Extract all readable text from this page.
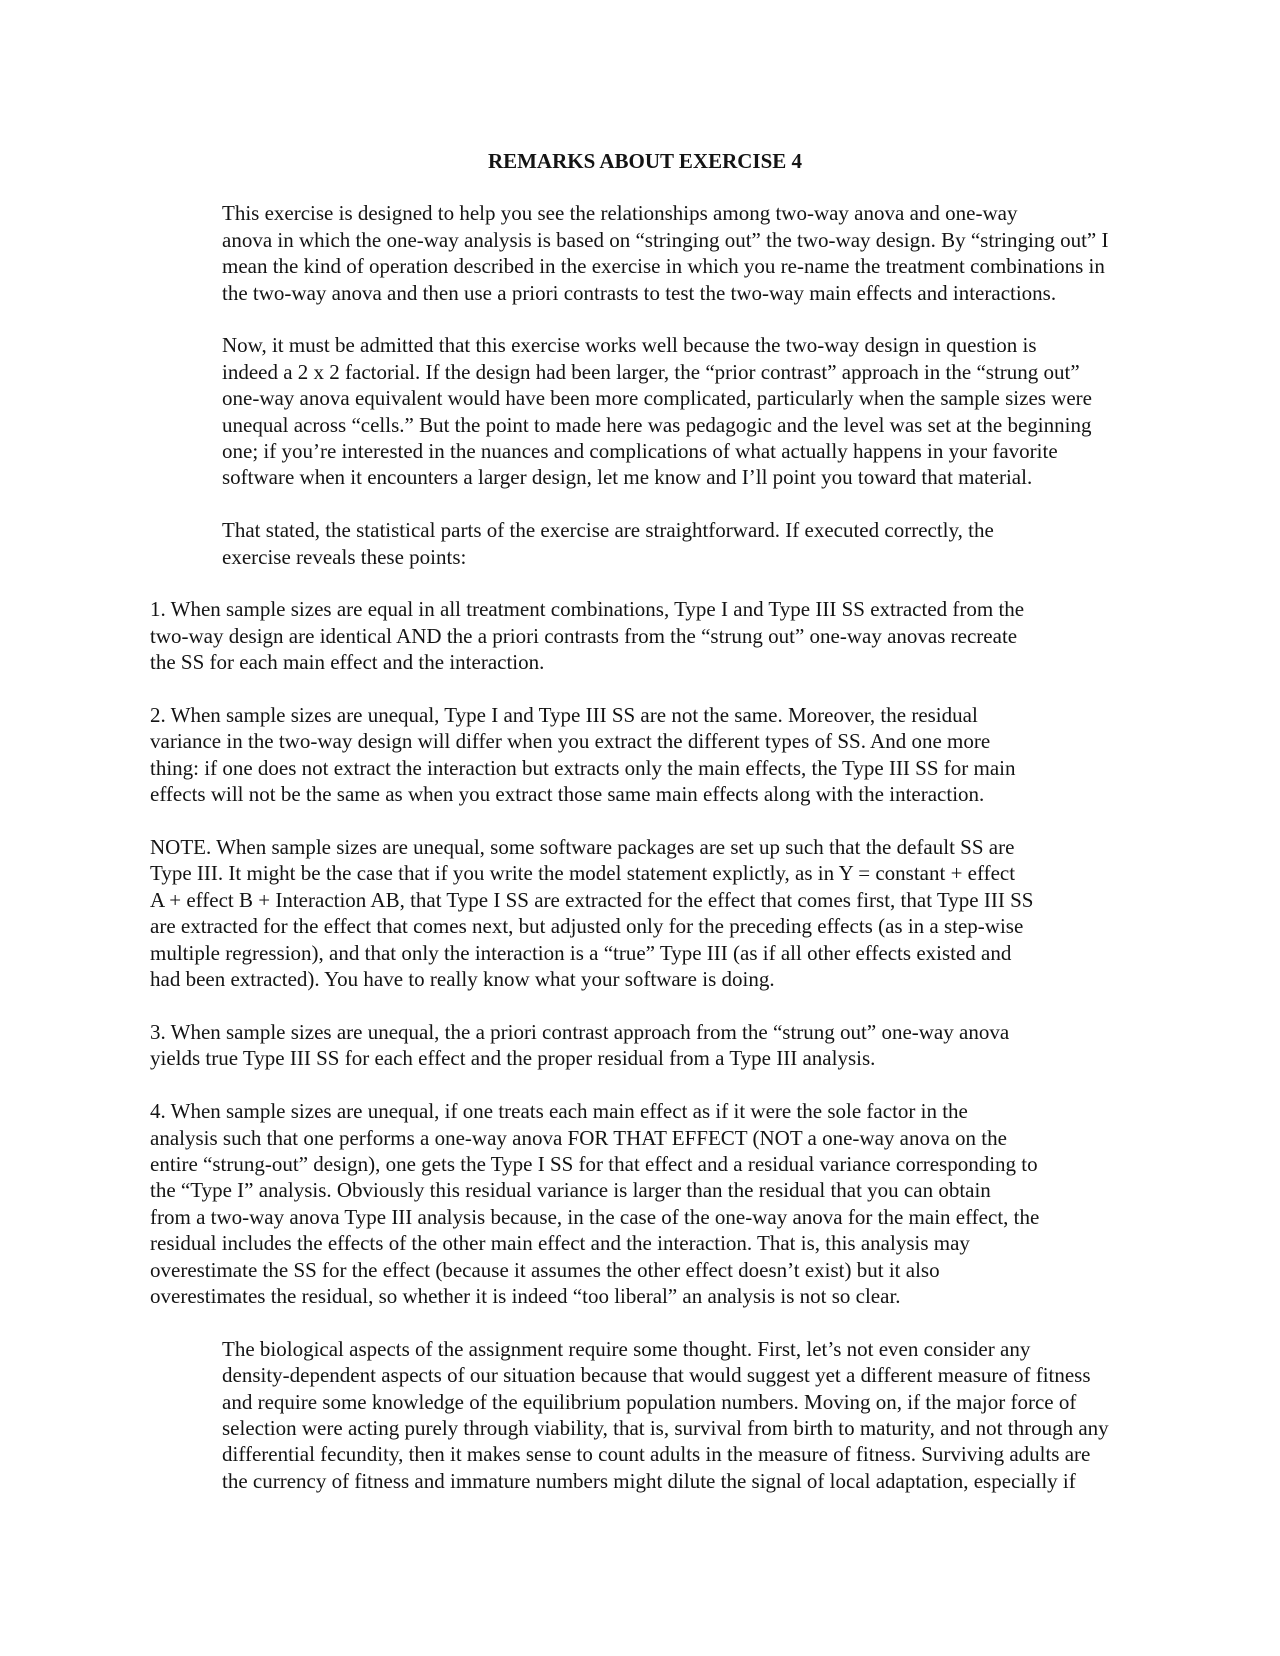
REMARKS ABOUT EXERCISE 4
This exercise is designed to help you see the relationships among two-way anova and one-way
anova in which the one-way analysis is based on “stringing out” the two-way design. By “stringing out” I
mean the kind of operation described in the exercise in which you re-name the treatment combinations in
the two-way anova and then use a priori contrasts to test the two-way main effects and interactions.
Now, it must be admitted that this exercise works well because the two-way design in question is
indeed a 2 x 2 factorial. If the design had been larger, the “prior contrast” approach in the “strung out”
one-way anova equivalent would have been more complicated, particularly when the sample sizes were
unequal across “cells.” But the point to made here was pedagogic and the level was set at the beginning
one; if you’re interested in the nuances and complications of what actually happens in your favorite
software when it encounters a larger design, let me know and I’ll point you toward that material.
That stated, the statistical parts of the exercise are straightforward. If executed correctly, the
exercise reveals these points:
1. When sample sizes are equal in all treatment combinations, Type I and Type III SS extracted from the
two-way design are identical AND the a priori contrasts from the “strung out” one-way anovas recreate
the SS for each main effect and the interaction.
2. When sample sizes are unequal, Type I and Type III SS are not the same. Moreover, the residual
variance in the two-way design will differ when you extract the different types of SS. And one more
thing: if one does not extract the interaction but extracts only the main effects, the Type III SS for main
effects will not be the same as when you extract those same main effects along with the interaction.
NOTE. When sample sizes are unequal, some software packages are set up such that the default SS are
Type III. It might be the case that if you write the model statement explictly, as in Y = constant + effect
A + effect B + Interaction AB, that Type I SS are extracted for the effect that comes first, that Type III SS
are extracted for the effect that comes next, but adjusted only for the preceding effects (as in a step-wise
multiple regression), and that only the interaction is a “true” Type III (as if all other effects existed and
had been extracted). You have to really know what your software is doing.
3. When sample sizes are unequal, the a priori contrast approach from the “strung out” one-way anova
yields true Type III SS for each effect and the proper residual from a Type III analysis.
4. When sample sizes are unequal, if one treats each main effect as if it were the sole factor in the
analysis such that one performs a one-way anova FOR THAT EFFECT (NOT a one-way anova on the
entire “strung-out” design), one gets the Type I SS for that effect and a residual variance corresponding to
the “Type I” analysis. Obviously this residual variance is larger than the residual that you can obtain
from a two-way anova Type III analysis because, in the case of the one-way anova for the main effect, the
residual includes the effects of the other main effect and the interaction. That is, this analysis may
overestimate the SS for the effect (because it assumes the other effect doesn’t exist) but it also
overestimates the residual, so whether it is indeed “too liberal” an analysis is not so clear.
The biological aspects of the assignment require some thought. First, let’s not even consider any
density-dependent aspects of our situation because that would suggest yet a different measure of fitness
and require some knowledge of the equilibrium population numbers. Moving on, if the major force of
selection were acting purely through viability, that is, survival from birth to maturity, and not through any
differential fecundity, then it makes sense to count adults in the measure of fitness. Surviving adults are
the currency of fitness and immature numbers might dilute the signal of local adaptation, especially if
